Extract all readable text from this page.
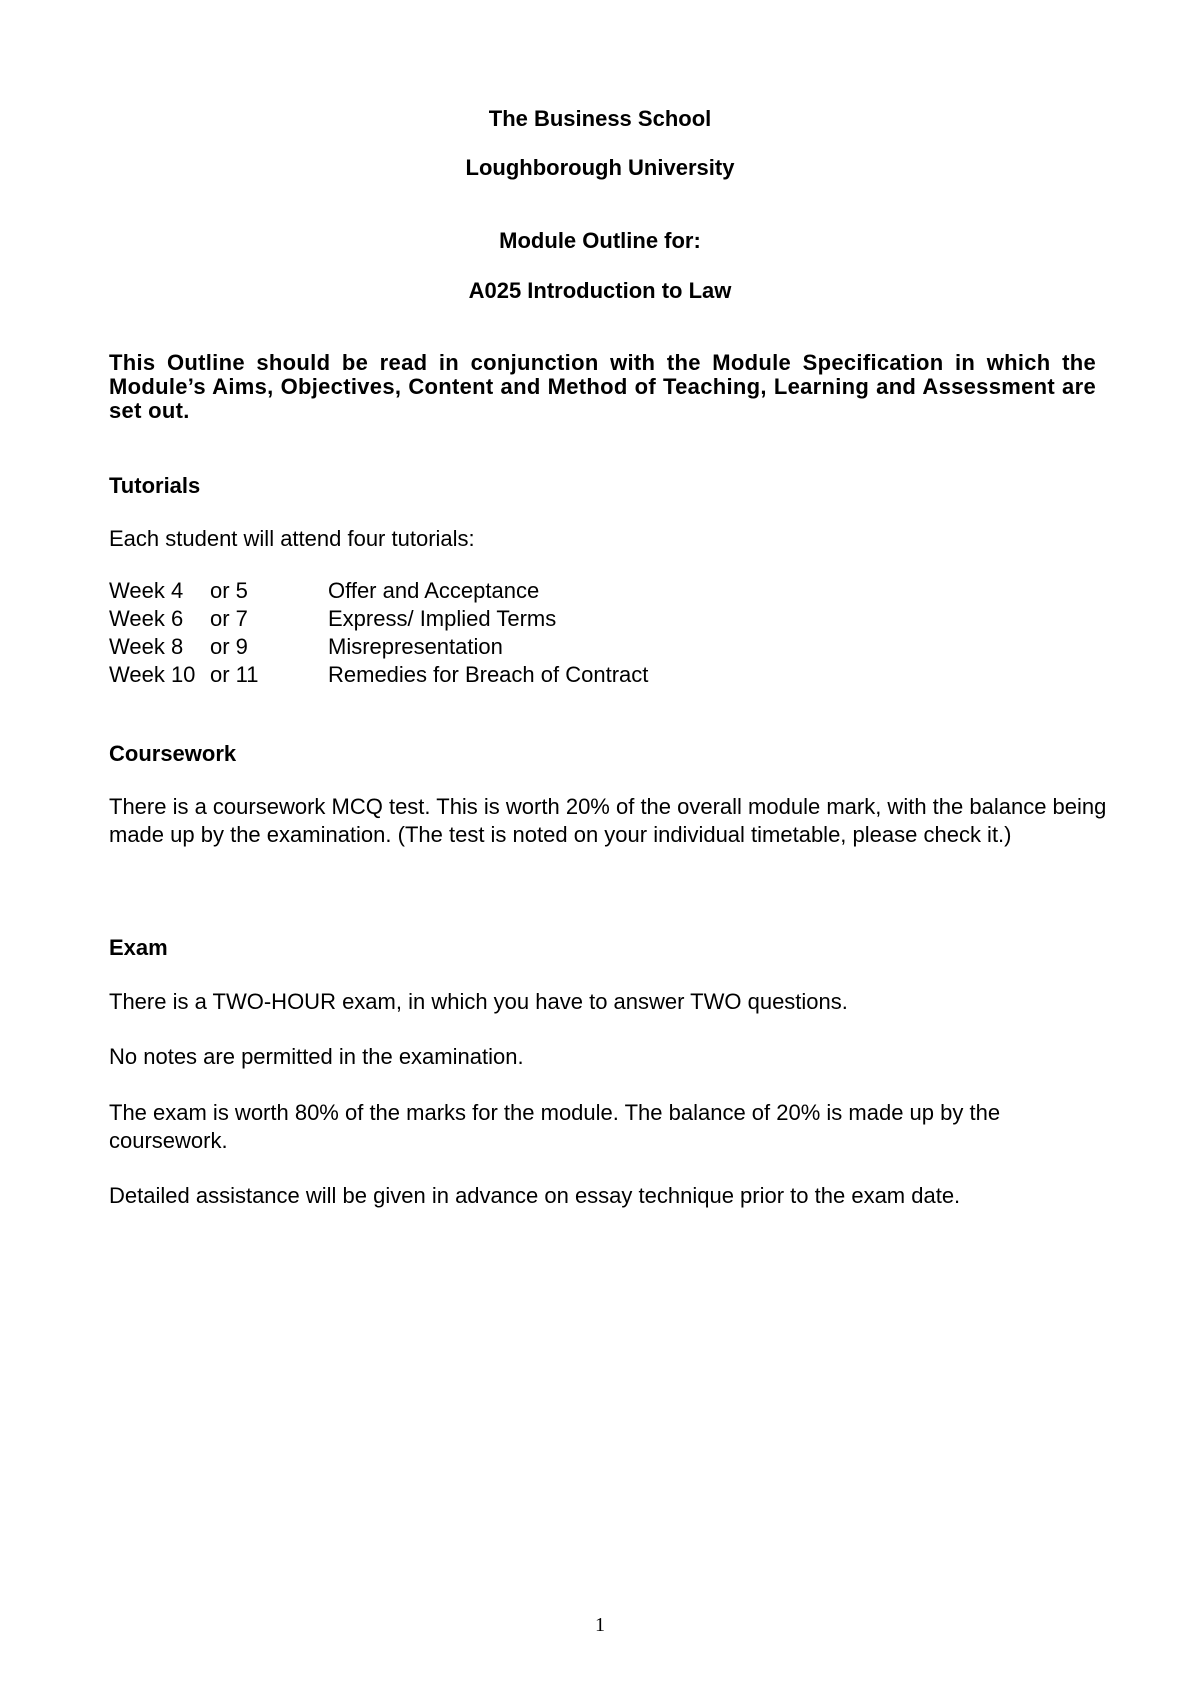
The Business School
Loughborough University
Module Outline for:
A025 Introduction to Law
This Outline should be read in conjunction with the Module Specification in which the Module’s Aims, Objectives, Content and Method of Teaching, Learning and Assessment are set out.
Tutorials
Each student will attend four tutorials:
Week 4 or 5	Offer and Acceptance
Week 6 or 7	Express/ Implied Terms
Week 8 or 9	Misrepresentation
Week 10 or 11	Remedies for Breach of Contract
Coursework
There is a coursework MCQ test. This is worth 20% of the overall module mark, with the balance being made up by the examination. (The test is noted on your individual timetable, please check it.)
Exam
There is a TWO-HOUR exam, in which you have to answer TWO questions.
No notes are permitted in the examination.
The exam is worth 80% of the marks for the module. The balance of 20% is made up by the coursework.
Detailed assistance will be given in advance on essay technique prior to the exam date.
1
